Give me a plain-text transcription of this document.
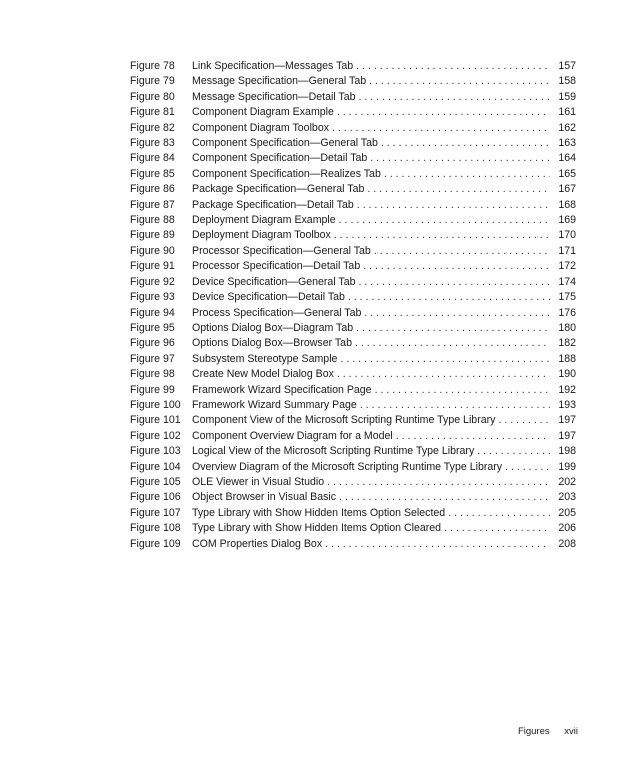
Figure 78	Link Specification—Messages Tab . . .	157
Figure 79	Message Specification—General Tab . . .	158
Figure 80	Message Specification—Detail Tab . . .	159
Figure 81	Component Diagram Example . . .	161
Figure 82	Component Diagram Toolbox . . .	162
Figure 83	Component Specification—General Tab . . .	163
Figure 84	Component Specification—Detail Tab . . .	164
Figure 85	Component Specification—Realizes Tab . . .	165
Figure 86	Package Specification—General Tab . . .	167
Figure 87	Package Specification—Detail Tab . . .	168
Figure 88	Deployment Diagram Example . . .	169
Figure 89	Deployment Diagram Toolbox . . .	170
Figure 90	Processor Specification—General Tab . . .	171
Figure 91	Processor Specification—Detail Tab . . .	172
Figure 92	Device Specification—General Tab . . .	174
Figure 93	Device Specification—Detail Tab . . .	175
Figure 94	Process Specification—General Tab . . .	176
Figure 95	Options Dialog Box—Diagram Tab . . .	180
Figure 96	Options Dialog Box—Browser Tab . . .	182
Figure 97	Subsystem Stereotype Sample . . .	188
Figure 98	Create New Model Dialog Box . . .	190
Figure 99	Framework Wizard Specification Page . . .	192
Figure 100	Framework Wizard Summary Page . . .	193
Figure 101	Component View of the Microsoft Scripting Runtime Type Library . . .	197
Figure 102	Component Overview Diagram for a Model . . .	197
Figure 103	Logical View of the Microsoft Scripting Runtime Type Library . . .	198
Figure 104	Overview Diagram of the Microsoft Scripting Runtime Type Library . . .	199
Figure 105	OLE Viewer in Visual Studio . . .	202
Figure 106	Object Browser in Visual Basic . . .	203
Figure 107	Type Library with Show Hidden Items Option Selected . . .	205
Figure 108	Type Library with Show Hidden Items Option Cleared . . .	206
Figure 109	COM Properties Dialog Box . . .	208
Figures xvii
